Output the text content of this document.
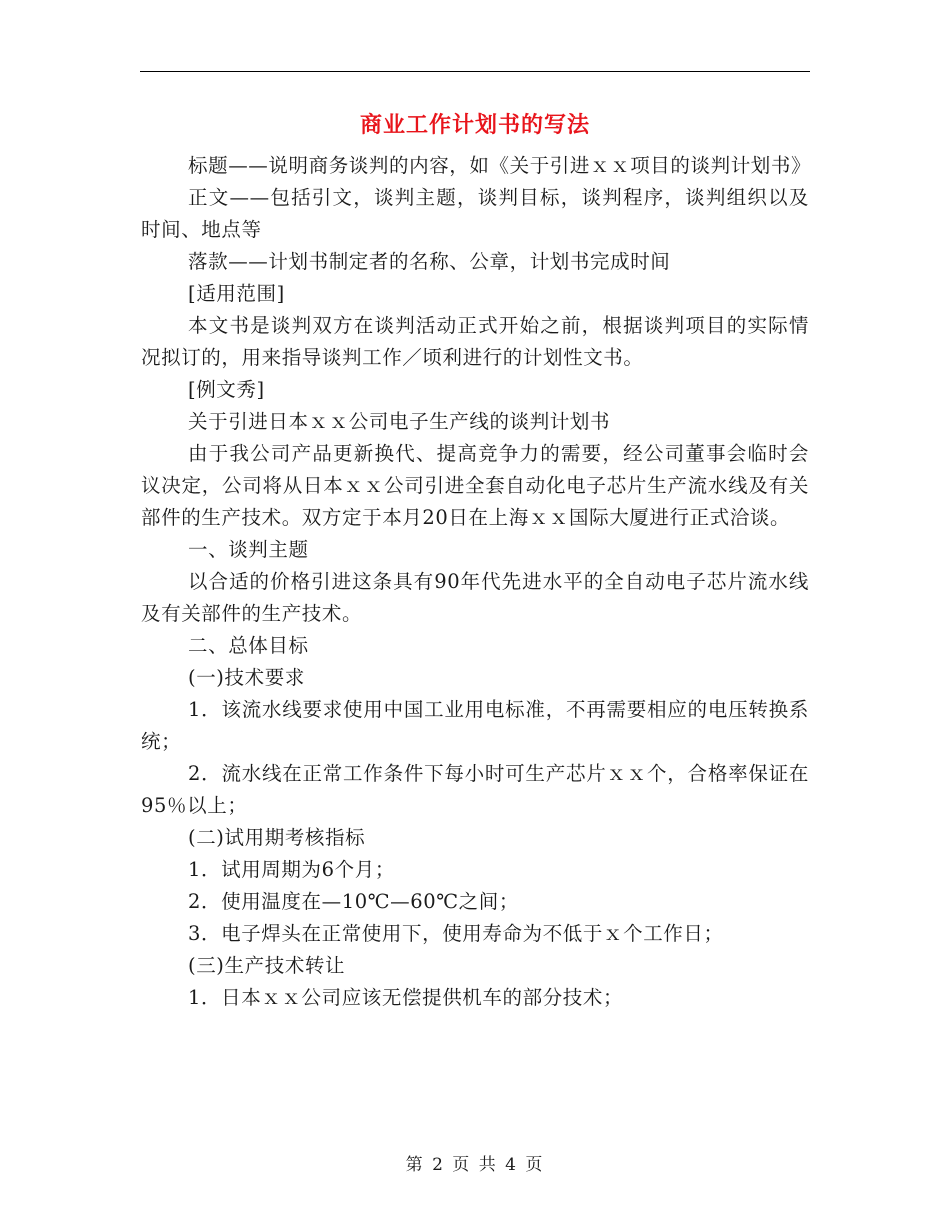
商业工作计划书的写法

标题——说明商务谈判的内容，如《关于引进ｘｘ项目的谈判计划书》

正文——包括引文，谈判主题，谈判目标，谈判程序，谈判组织以及时间、地点等

落款——计划书制定者的名称、公章，计划书完成时间

[适用范围]

本文书是谈判双方在谈判活动正式开始之前，根据谈判项目的实际情况拟订的，用来指导谈判工作／顷利进行的计划性文书。

[例文秀]

关于引进日本ｘｘ公司电子生产线的谈判计划书

由于我公司产品更新换代、提高竞争力的需要，经公司董事会临时会议决定，公司将从日本ｘｘ公司引进全套自动化电子芯片生产流水线及有关部件的生产技术。双方定于本月20日在上海ｘｘ国际大厦进行正式洽谈。

一、谈判主题

以合适的价格引进这条具有90年代先进水平的全自动电子芯片流水线及有关部件的生产技术。

二、总体目标

(一)技术要求

1．该流水线要求使用中国工业用电标准，不再需要相应的电压转换系统；

2．流水线在正常工作条件下每小时可生产芯片ｘｘ个，合格率保证在95％以上；

(二)试用期考核指标

1．试用周期为6个月；

2．使用温度在—10℃—60℃之间；

3．电子焊头在正常使用下，使用寿命为不低于ｘ个工作日；

(三)生产技术转让

1．日本ｘｘ公司应该无偿提供机车的部分技术；

第 2 页 共 4 页
